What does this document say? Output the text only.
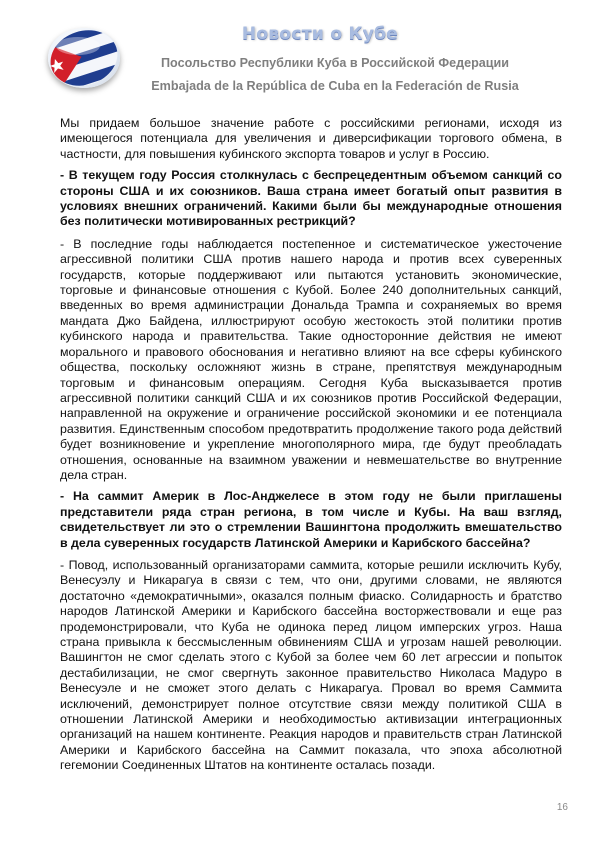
Новости о Кубе
Посольство Республики Куба в Российской Федерации
Embajada de la República de Cuba en la Federación de Rusia

Мы придаем большое значение работе с российскими регионами, исходя из имеющегося потенциала для увеличения и диверсификации торгового обмена, в частности, для повышения кубинского экспорта товаров и услуг в Россию.

- В текущем году Россия столкнулась с беспрецедентным объемом санкций со стороны США и их союзников. Ваша страна имеет богатый опыт развития в условиях внешних ограничений. Какими были бы международные отношения без политически мотивированных рестрикций?

- В последние годы наблюдается постепенное и систематическое ужесточение агрессивной политики США против нашего народа и против всех суверенных государств, которые поддерживают или пытаются установить экономические, торговые и финансовые отношения с Кубой. Более 240 дополнительных санкций, введенных во время администрации Дональда Трампа и сохраняемых во время мандата Джо Байдена, иллюстрируют особую жестокость этой политики против кубинского народа и правительства. Такие односторонние действия не имеют морального и правового обоснования и негативно влияют на все сферы кубинского общества, поскольку осложняют жизнь в стране, препятствуя международным торговым и финансовым операциям. Сегодня Куба высказывается против агрессивной политики санкций США и их союзников против Российской Федерации, направленной на окружение и ограничение российской экономики и ее потенциала развития. Единственным способом предотвратить продолжение такого рода действий будет возникновение и укрепление многополярного мира, где будут преобладать отношения, основанные на взаимном уважении и невмешательстве во внутренние дела стран.

- На саммит Америк в Лос-Анджелесе в этом году не были приглашены представители ряда стран региона, в том числе и Кубы. На ваш взгляд, свидетельствует ли это о стремлении Вашингтона продолжить вмешательство в дела суверенных государств Латинской Америки и Карибского бассейна?

- Повод, использованный организаторами саммита, которые решили исключить Кубу, Венесуэлу и Никарагуа в связи с тем, что они, другими словами, не являются достаточно «демократичными», оказался полным фиаско. Солидарность и братство народов Латинской Америки и Карибского бассейна восторжествовали и еще раз продемонстрировали, что Куба не одинока перед лицом имперских угроз. Наша страна привыкла к бессмысленным обвинениям США и угрозам нашей революции. Вашингтон не смог сделать этого с Кубой за более чем 60 лет агрессии и попыток дестабилизации, не смог свергнуть законное правительство Николаса Мадуро в Венесуэле и не сможет этого делать с Никарагуа. Провал во время Саммита исключений, демонстрирует полное отсутствие связи между политикой США в отношении Латинской Америки и необходимостью активизации интеграционных организаций на нашем континенте. Реакция народов и правительств стран Латинской Америки и Карибского бассейна на Саммит показала, что эпоха абсолютной гегемонии Соединенных Штатов на континенте осталась позади.

16
